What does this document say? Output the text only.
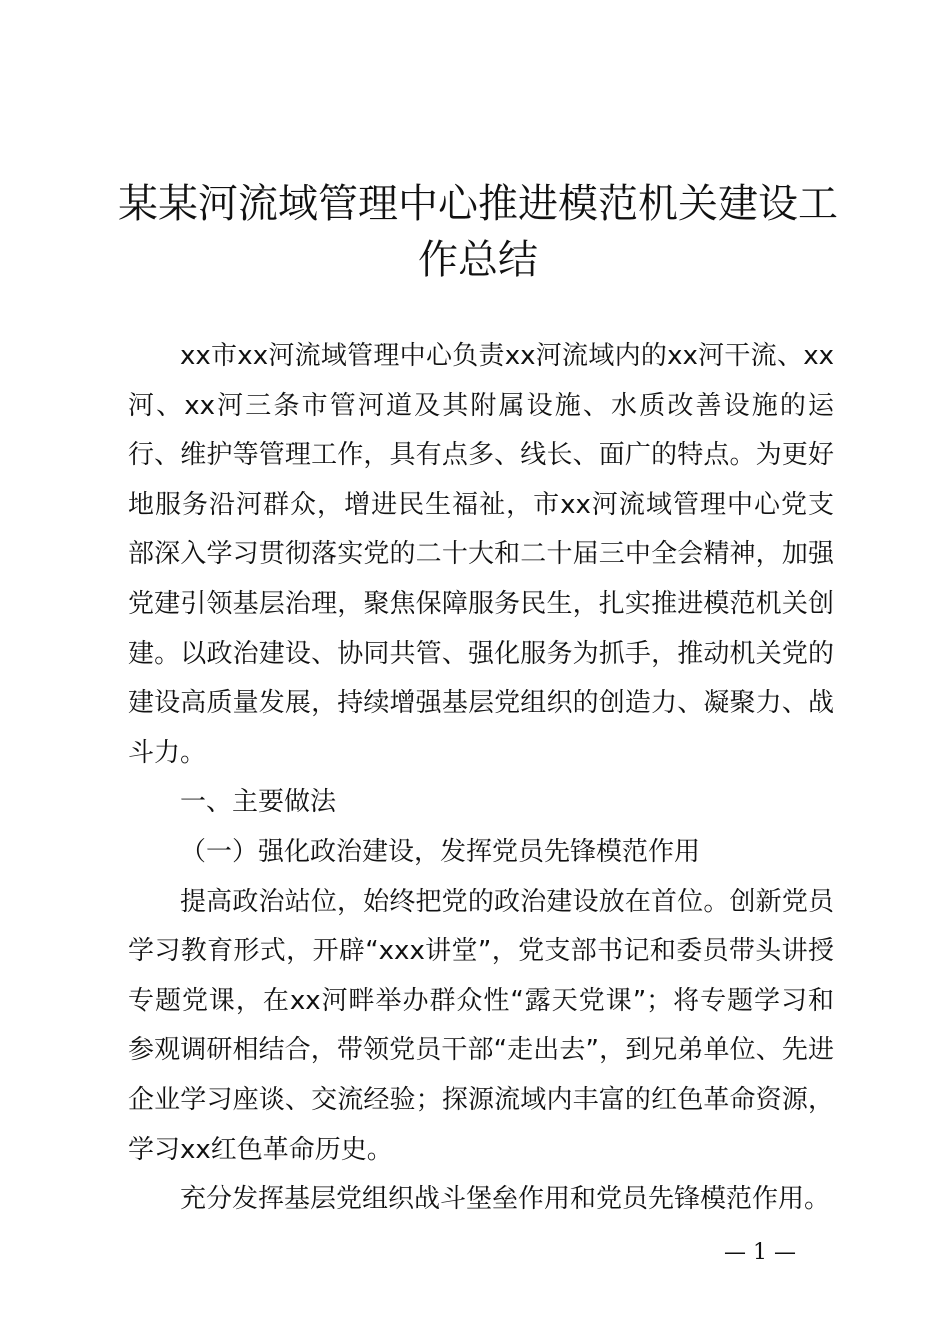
某某河流域管理中心推进模范机关建设工作总结

xx市xx河流域管理中心负责xx河流域内的xx河干流、xx河、xx河三条市管河道及其附属设施、水质改善设施的运行、维护等管理工作，具有点多、线长、面广的特点。为更好地服务沿河群众，增进民生福祉，市xx河流域管理中心党支部深入学习贯彻落实党的二十大和二十届三中全会精神，加强党建引领基层治理，聚焦保障服务民生，扎实推进模范机关创建。以政治建设、协同共管、强化服务为抓手，推动机关党的建设高质量发展，持续增强基层党组织的创造力、凝聚力、战斗力。

一、主要做法

（一）强化政治建设，发挥党员先锋模范作用

提高政治站位，始终把党的政治建设放在首位。创新党员学习教育形式，开辟“xxx讲堂”，党支部书记和委员带头讲授专题党课，在xx河畔举办群众性“露天党课”；将专题学习和参观调研相结合，带领党员干部“走出去”，到兄弟单位、先进企业学习座谈、交流经验；探源流域内丰富的红色革命资源，学习xx红色革命历史。

充分发挥基层党组织战斗堡垒作用和党员先锋模范作用。

— 1 —
